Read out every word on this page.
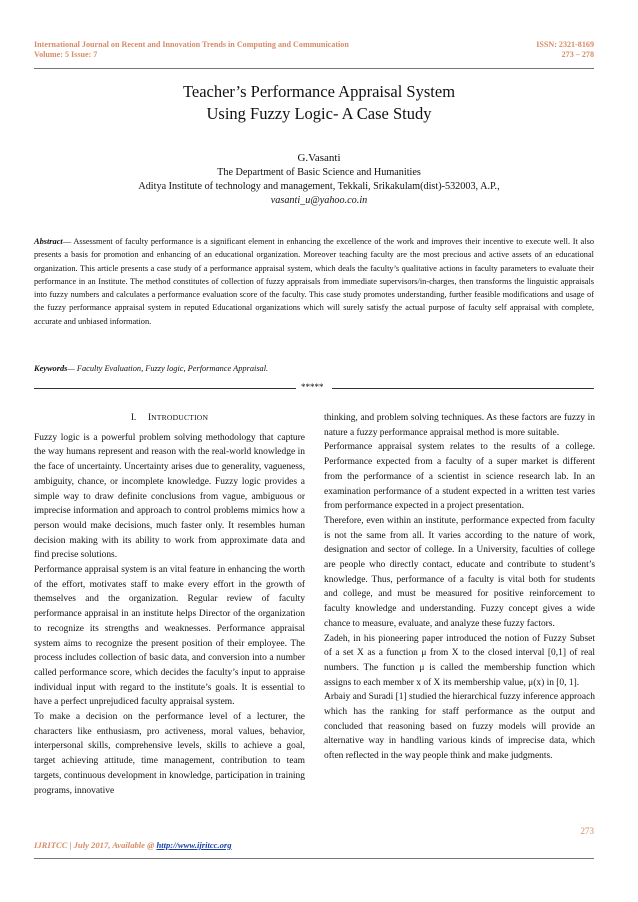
International Journal on Recent and Innovation Trends in Computing and Communication
Volume: 5 Issue: 7
ISSN: 2321-8169
273 – 278
Teacher’s Performance Appraisal System
Using Fuzzy Logic- A Case Study
G.Vasanti
The Department of Basic Science and Humanities
Aditya Institute of technology and management, Tekkali, Srikakulam(dist)-532003, A.P.,
vasanti_u@yahoo.co.in
Abstract— Assessment of faculty performance is a significant element in enhancing the excellence of the work and improves their incentive to execute well. It also presents a basis for promotion and enhancing of an educational organization. Moreover teaching faculty are the most precious and active assets of an educational organization. This article presents a case study of a performance appraisal system, which deals the faculty’s qualitative actions in faculty parameters to evaluate their performance in an Institute. The method constitutes of collection of fuzzy appraisals from immediate supervisors/in-charges, then transforms the linguistic appraisals into fuzzy numbers and calculates a performance evaluation score of the faculty. This case study promotes understanding, further feasible modifications and usage of the fuzzy performance appraisal system in reputed Educational organizations which will surely satisfy the actual purpose of faculty self appraisal with complete, accurate and unbiased information.
Keywords— Faculty Evaluation, Fuzzy logic, Performance Appraisal.
*****
I. INTRODUCTION

Fuzzy logic is a powerful problem solving methodology that capture the way humans represent and reason with the real-world knowledge in the face of uncertainty. Uncertainty arises due to generality, vagueness, ambiguity, chance, or incomplete knowledge. Fuzzy logic provides a simple way to draw definite conclusions from vague, ambiguous or imprecise information and approach to control problems mimics how a person would make decisions, much faster only. It resembles human decision making with its ability to work from approximate data and find precise solutions.

Performance appraisal system is an vital feature in enhancing the worth of the effort, motivates staff to make every effort in the growth of themselves and the organization. Regular review of faculty performance appraisal in an institute helps Director of the organization to recognize its strengths and weaknesses. Performance appraisal system aims to recognize the present position of their employee. The process includes collection of basic data, and conversion into a number called performance score, which decides the faculty’s input to appraise individual input with regard to the institute’s goals. It is essential to have a perfect unprejudiced faculty appraisal system.

To make a decision on the performance level of a lecturer, the characters like enthusiasm, pro activeness, moral values, behavior, interpersonal skills, comprehensive levels, skills to achieve a goal, target achieving attitude, time management, contribution to team targets, continuous development in knowledge, participation in training programs, innovative

thinking, and problem solving techniques. As these factors are fuzzy in nature a fuzzy performance appraisal method is more suitable.

Performance appraisal system relates to the results of a college. Performance expected from a faculty of a super market is different from the performance of a scientist in science research lab. In an examination performance of a student expected in a written test varies from performance expected in a project presentation.

Therefore, even within an institute, performance expected from faculty is not the same from all. It varies according to the nature of work, designation and sector of college. In a University, faculties of college are people who directly contact, educate and contribute to student’s knowledge. Thus, performance of a faculty is vital both for students and college, and must be measured for positive reinforcement to faculty knowledge and understanding. Fuzzy concept gives a wide chance to measure, evaluate, and analyze these fuzzy factors.

Zadeh, in his pioneering paper introduced the notion of Fuzzy Subset of a set X as a function μ from X to the closed interval [0,1] of real numbers. The function μ is called the membership function which assigns to each member x of X its membership value, μ(x) in [0, 1].

Arbaiy and Suradi [1] studied the hierarchical fuzzy inference approach which has the ranking for staff performance as the output and concluded that reasoning based on fuzzy models will provide an alternative way in handling various kinds of imprecise data, which often reflected in the way people think and make judgments.

273
IJRITCC | July 2017, Available @ http://www.ijritcc.org
